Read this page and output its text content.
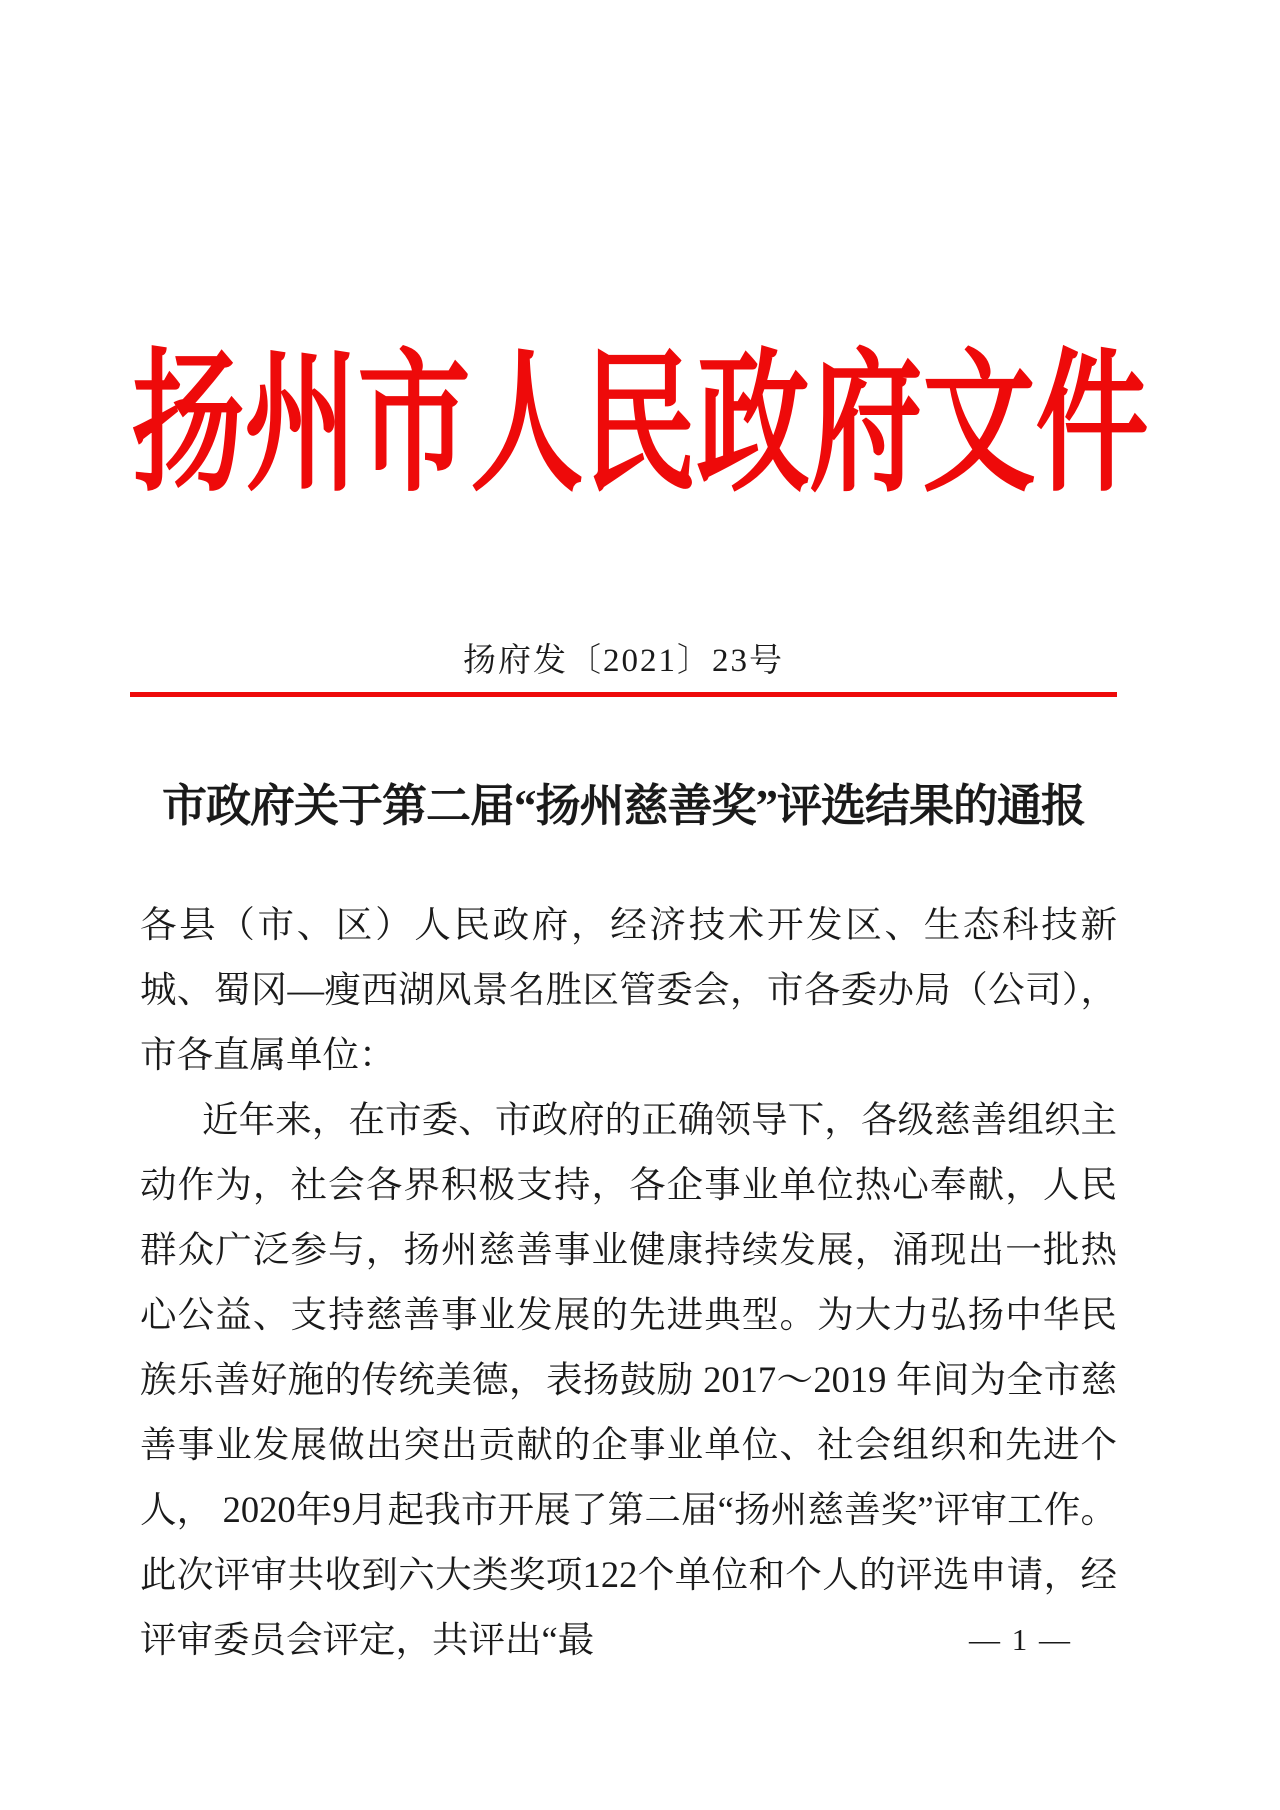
扬州市人民政府文件
扬府发〔2021〕23号
市政府关于第二届“扬州慈善奖”评选结果的通报

各县（市、区）人民政府，经济技术开发区、生态科技新城、蜀冈—瘦西湖风景名胜区管委会，市各委办局（公司），市各直属单位：

近年来，在市委、市政府的正确领导下，各级慈善组织主动作为，社会各界积极支持，各企事业单位热心奉献，人民群众广泛参与，扬州慈善事业健康持续发展，涌现出一批热心公益、支持慈善事业发展的先进典型。为大力弘扬中华民族乐善好施的传统美德，表扬鼓励 2017～2019 年间为全市慈善事业发展做出突出贡献的企事业单位、社会组织和先进个人， 2020年9月起我市开展了第二届“扬州慈善奖”评审工作。此次评审共收到六大类奖项122个单位和个人的评选申请，经评审委员会评定，共评出“最	— 1 —
